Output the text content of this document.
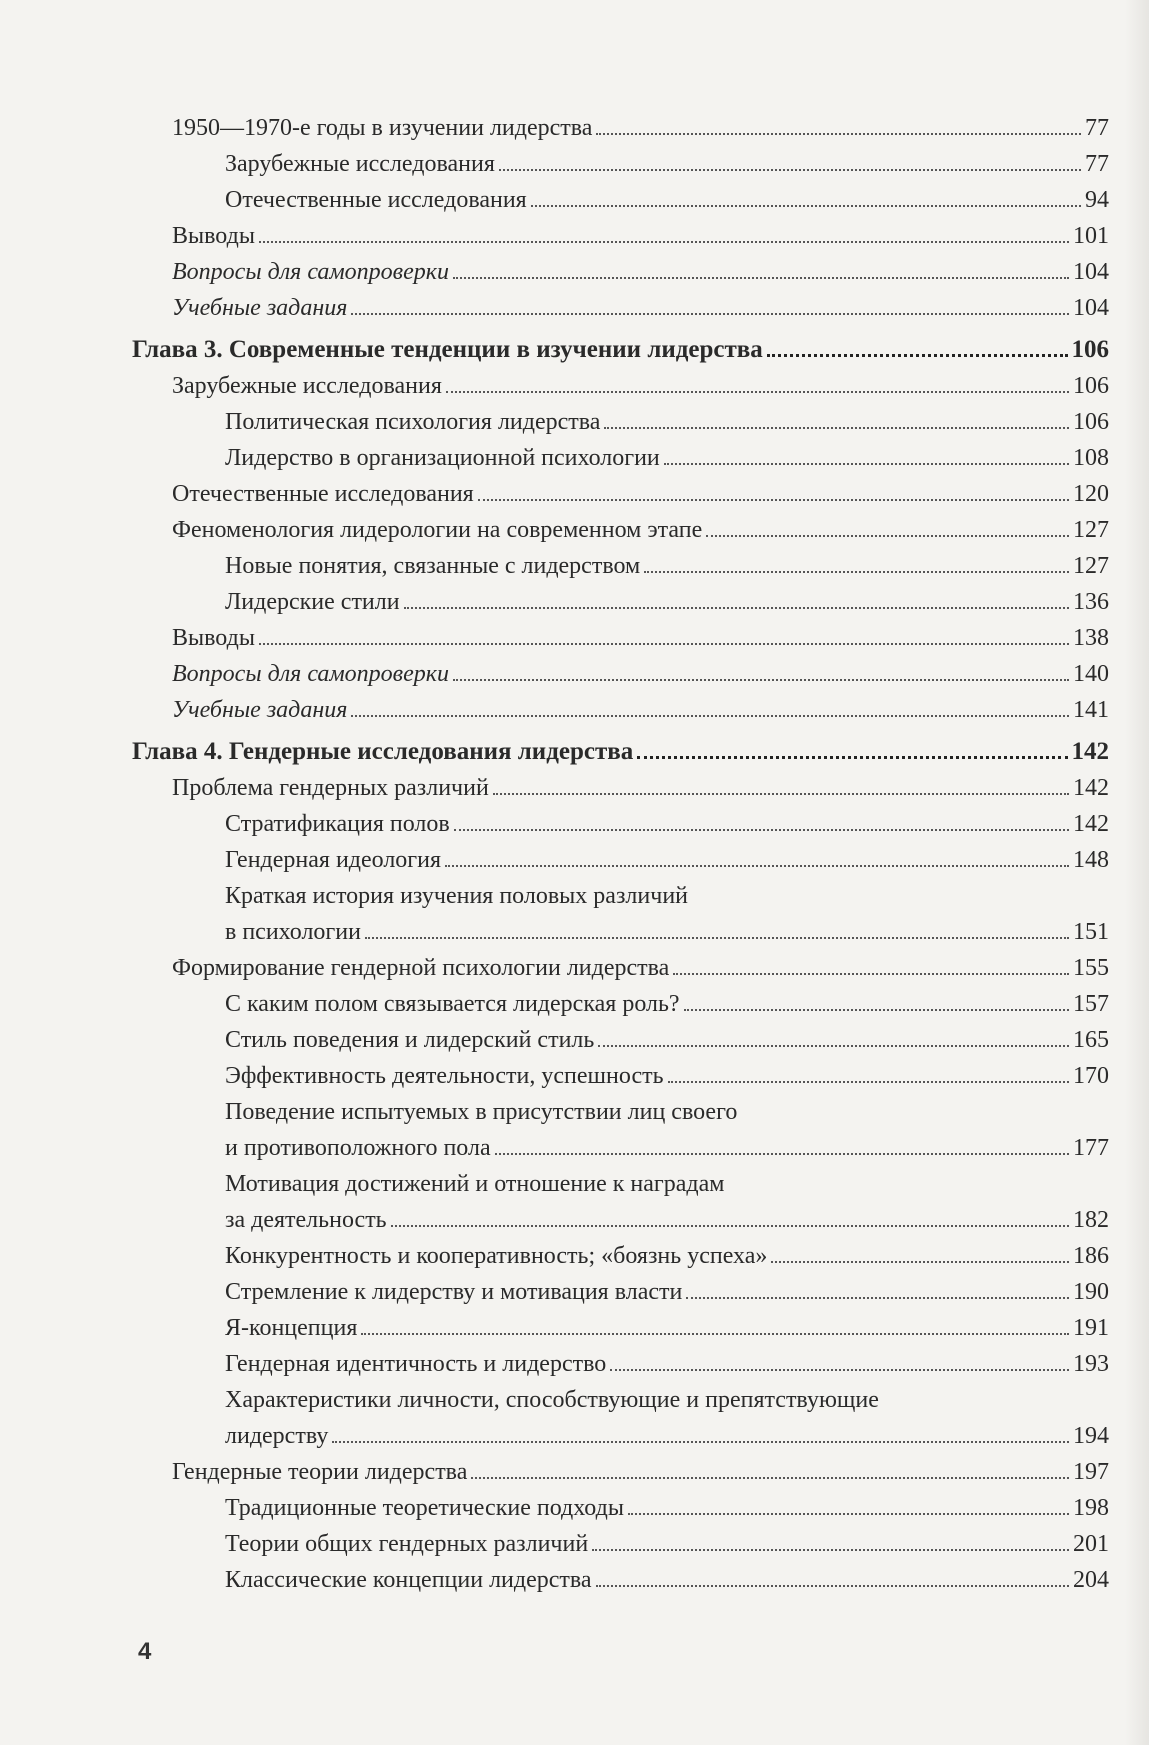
1950—1970-е годы в изучении лидерства	77
Зарубежные исследования	77
Отечественные исследования	94
Выводы	101
Вопросы для самопроверки	104
Учебные задания	104
Глава 3. Современные тенденции в изучении лидерства	106
Зарубежные исследования	106
Политическая психология лидерства	106
Лидерство в организационной психологии	108
Отечественные исследования	120
Феноменология лидерологии на современном этапе	127
Новые понятия, связанные с лидерством	127
Лидерские стили	136
Выводы	138
Вопросы для самопроверки	140
Учебные задания	141
Глава 4. Гендерные исследования лидерства	142
Проблема гендерных различий	142
Стратификация полов	142
Гендерная идеология	148
Краткая история изучения половых различий
в психологии	151
Формирование гендерной психологии лидерства	155
С каким полом связывается лидерская роль?	157
Стиль поведения и лидерский стиль	165
Эффективность деятельности, успешность	170
Поведение испытуемых в присутствии лиц своего
и противоположного пола	177
Мотивация достижений и отношение к наградам
за деятельность	182
Конкурентность и кооперативность; «боязнь успеха»	186
Стремление к лидерству и мотивация власти	190
Я-концепция	191
Гендерная идентичность и лидерство	193
Характеристики личности, способствующие и препятствующие
лидерству	194
Гендерные теории лидерства	197
Традиционные теоретические подходы	198
Теории общих гендерных различий	201
Классические концепции лидерства	204
4
